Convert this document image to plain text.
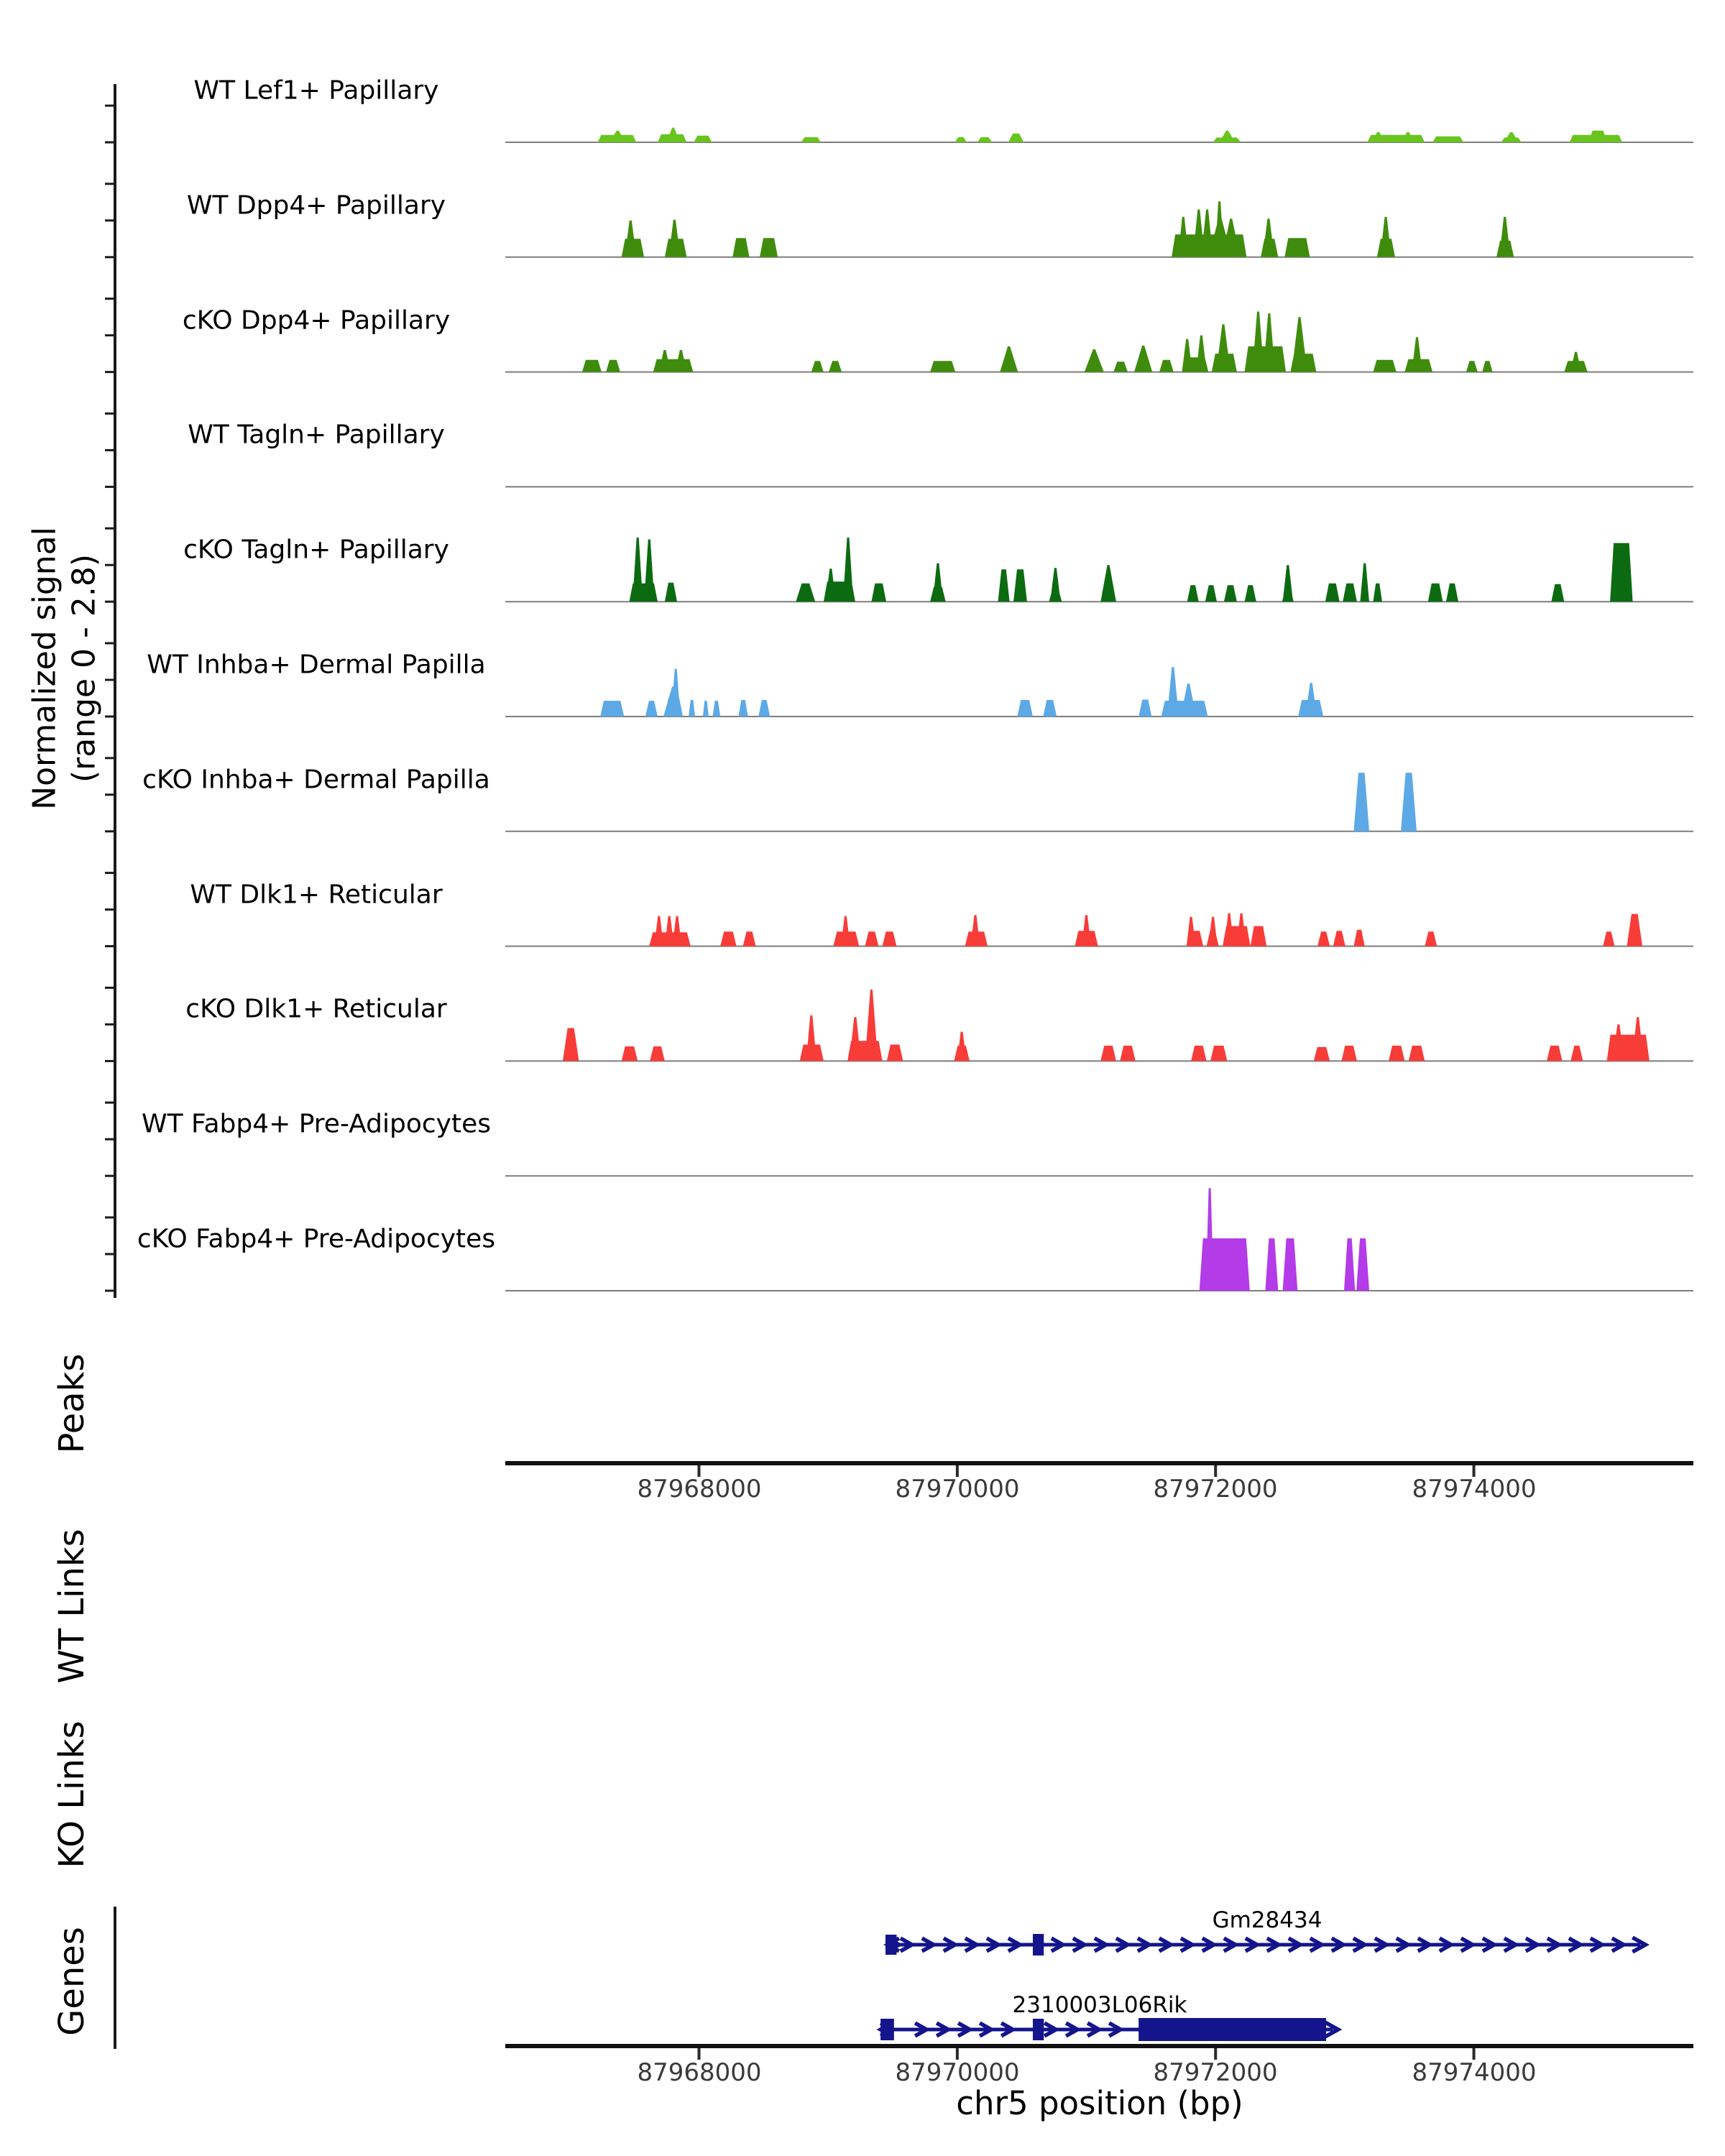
Normalized signal (range 0 - 2.8)
Peaks
WT Links
KO Links
Genes
chr5 position (bp)
WT Lef1+ Papillary
WT Dpp4+ Papillary
cKO Dpp4+ Papillary
WT Tagln+ Papillary
cKO Tagln+ Papillary
WT Inhba+ Dermal Papilla
cKO Inhba+ Dermal Papilla
WT Dlk1+ Reticular
cKO Dlk1+ Reticular
WT Fabp4+ Pre-Adipocytes
cKO Fabp4+ Pre-Adipocytes
87968000	87970000	87972000	87974000
87968000	87970000	87972000	87974000
Gm28434
2310003L06Rik
